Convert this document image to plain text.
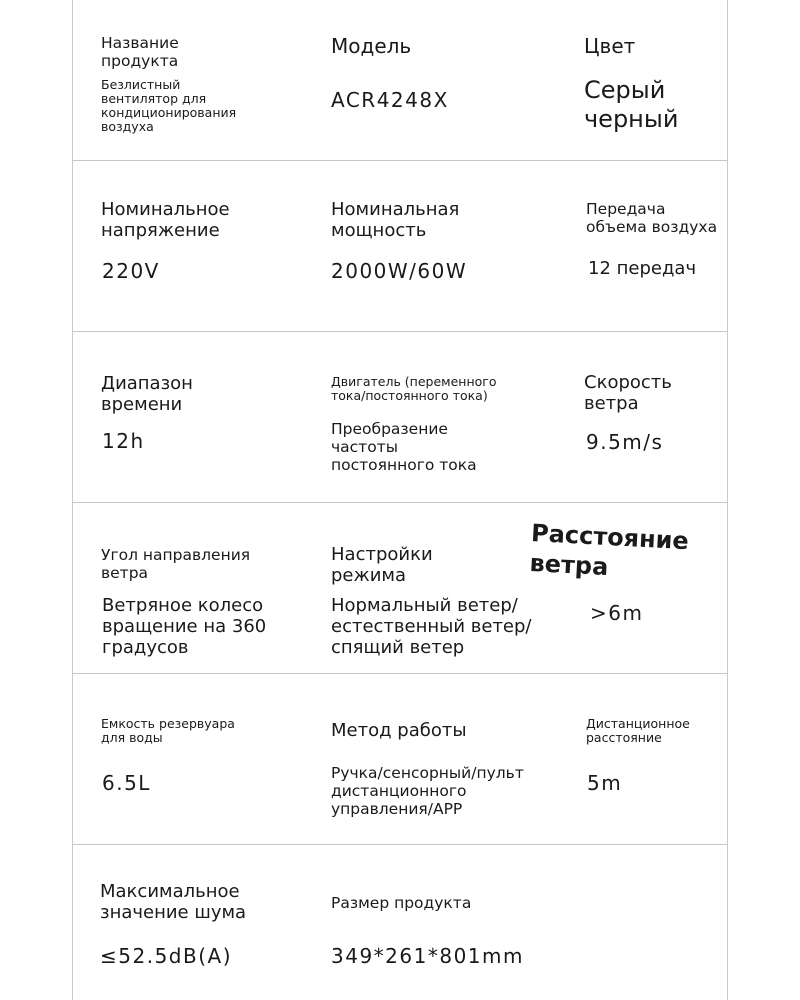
Название
продукта

Безлистный
вентилятор для
кондиционирования
воздуха

Модель

ACR4248X

Цвет

Серый
черный

Номинальное
напряжение

220V

Номинальная
мощность

2000W/60W

Передача
объема воздуха

12 передач

Диапазон
времени

12h

Двигатель (переменного
тока/постоянного тока)

Преобразение
частоты
постоянного тока

Скорость
ветра

9.5m/s

Угол направления
ветра

Ветряное колесо
вращение на 360
градусов

Настройки
режима

Нормальный ветер/
естественный ветер/
спящий ветер

Расстояние
ветра

>6m

Емкость резервуара
для воды

6.5L

Метод работы

Ручка/сенсорный/пульт
дистанционного
управления/APP

Дистанционное
расстояние

5m

Максимальное
значение шума

≤52.5dB(A)

Размер продукта

349*261*801mm
